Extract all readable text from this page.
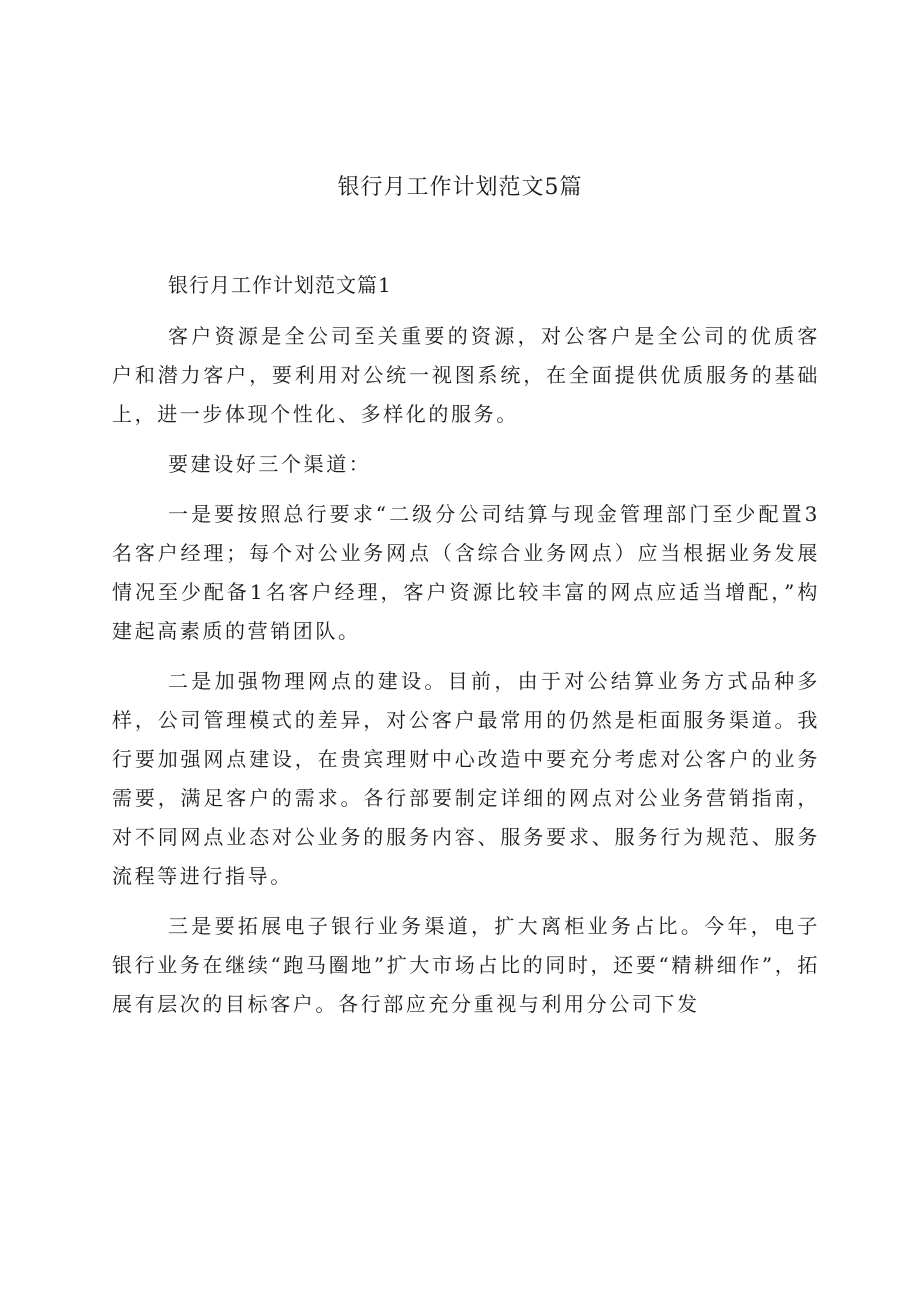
银行月工作计划范文5篇

银行月工作计划范文篇1

客户资源是全公司至关重要的资源，对公客户是全公司的优质客户和潜力客户，要利用对公统一视图系统，在全面提供优质服务的基础上，进一步体现个性化、多样化的服务。

要建设好三个渠道：

一是要按照总行要求“二级分公司结算与现金管理部门至少配置3名客户经理；每个对公业务网点（含综合业务网点）应当根据业务发展情况至少配备1名客户经理，客户资源比较丰富的网点应适当增配，”构建起高素质的营销团队。

二是加强物理网点的建设。目前，由于对公结算业务方式品种多样，公司管理模式的差异，对公客户最常用的仍然是柜面服务渠道。我行要加强网点建设，在贵宾理财中心改造中要充分考虑对公客户的业务需要，满足客户的需求。各行部要制定详细的网点对公业务营销指南，对不同网点业态对公业务的服务内容、服务要求、服务行为规范、服务流程等进行指导。

三是要拓展电子银行业务渠道，扩大离柜业务占比。今年，电子银行业务在继续“跑马圈地”扩大市场占比的同时，还要“精耕细作”，拓展有层次的目标客户。各行部应充分重视与利用分公司下发
